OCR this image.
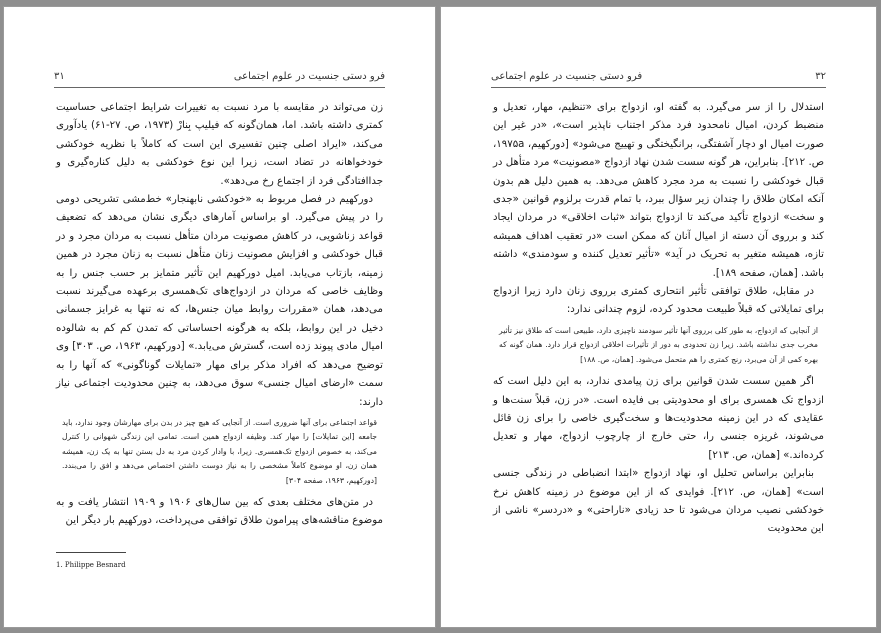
فرو دستی جنسیت در علوم اجتماعی
۳۱

زن می‌تواند در مقایسه با مرد نسبت به تغییرات شرایط اجتماعی حساسیت کمتری داشته باشد. اما، همان‌گونه که فیلیپ بِنارْ (۱۹۷۳، ص. ۲۷-۶۱) یادآوری می‌کند، «ایراد اصلی چنین تفسیری این است که کاملاً با نظریه خودکشی خودخواهانه در تضاد است، زیرا این نوع خودکشی به دلیل کناره‌گیری و جداافتادگی فرد از اجتماع رخ می‌دهد».

دورکهیم در فصل مربوط به «خودکشی نابهنجار» خط‌مشی تشریحی دومی را در پیش می‌گیرد. او براساس آمارهای دیگری نشان می‌دهد که تضعیف قواعد زناشویی، در کاهش مصونیت مردان متأهل نسبت به مردان مجرد و در قبال خودکشی و افزایش مصونیت زنان متأهل نسبت به زنان مجرد در همین زمینه، بازتاب می‌یابد. امیل دورکهیم این تأثیر متمایز بر حسب جنس را به وظایف خاصی که مردان در ازدواج‌های تک‌همسری برعهده می‌گیرند نسبت می‌دهد، همان «مقررات روابط میان جنس‌ها، که نه تنها به غرایز جسمانی دخیل در این روابط، بلکه به هرگونه احساساتی که تمدن کم کم به شالوده امیال مادی پیوند زده است، گسترش می‌یابد.» [دورکهیم، ۱۹۶۳، ص. ۳۰۳] وی توضیح می‌دهد که افراد مذکر برای مهار «تمایلات گوناگونی» که آنها را به سمت «ارضای امیال جنسی» سوق می‌دهد، به چنین محدودیت اجتماعی نیاز دارند:

قواعد اجتماعی برای آنها ضروری است. از آنجایی که هیچ چیز در بدن برای مهارشان وجود ندارد، باید جامعه [این تمایلات] را مهار کند. وظیفه ازدواج همین است. تمامی این زندگی شهوانی را کنترل می‌کند، به خصوص ازدواج تک‌همسری. زیرا، با وادار کردن مرد به دل بستن تنها به یک زن، همیشه همان زن، او موضوع کاملاً مشخصی را به نیاز دوست داشتن اختصاص می‌دهد و افق را می‌بندد. [دورکهیم، ۱۹۶۳، صفحه ۳۰۴]

در متن‌های مختلف بعدی که بین سال‌های ۱۹۰۶ و ۱۹۰۹ انتشار یافت و به موضوع مناقشه‌های پیرامون طلاق توافقی می‌پرداخت، دورکهیم بار دیگر این

1. Philippe Besnard
۳۲
فرو دستی جنسیت در علوم اجتماعی

استدلال را از سر می‌گیرد. به گفته او، ازدواج برای «تنظیم، مهار، تعدیل و منضبط کردن، امیال نامحدود فرد مذکر اجتناب ناپذیر است»، «در غیر این صورت امیال او دچار آشفتگی، برانگیختگی و تهییج می‌شود» [دورکهیم، ۱۹۷۵a، ص. ۲۱۲]. بنابراین، هر گونه سست شدن نهاد ازدواج «مصونیت» مرد متأهل در قبال خودکشی را نسبت به مرد مجرد کاهش می‌دهد. به همین دلیل هم بدون آنکه امکان طلاق را چندان زیر سؤال ببرد، با تمام قدرت برلزوم قوانین «جدی و سخت» ازدواج تأکید می‌کند تا ازدواج بتواند «ثبات اخلاقی» در مردان ایجاد کند و برروی آن دسته از امیال آنان که ممکن است «در تعقیب اهداف همیشه تازه، همیشه متغیر به تحریک در آید» «تأثیر تعدیل کننده و سودمندی» داشته باشد. [همان، صفحه ۱۸۹].

در مقابل، طلاق توافقی تأثیر انتحاری کمتری برروی زنان دارد زیرا ازدواج برای تمایلاتی که قبلاً طبیعت محدود کرده، لزوم چندانی ندارد:

از آنجایی که ازدواج، به طور کلی برروی آنها تأثیر سودمند ناچیزی دارد، طبیعی است که طلاق نیز تأثیر مخرب جدی نداشته باشد. زیرا زن تحدودی به دور از تأثیرات اخلاقی ازدواج قرار دارد. همان گونه که بهره کمی از آن می‌برد، رنج کمتری را هم متحمل می‌شود. [همان، ص. ۱۸۸]

اگر همین سست شدن قوانین برای زن پیامدی ندارد، به این دلیل است که ازدواج تک همسری برای او محدودیتی بی فایده است. «در زن، قبلاً سنت‌ها و عقایدی که در این زمینه محدودیت‌ها و سخت‌گیری خاصی را برای زن قائل می‌شوند، غریزه جنسی را، حتی خارج از چارچوب ازدواج، مهار و تعدیل کرده‌اند.» [همان، ص. ۲۱۳]

بنابراین براساس تحلیل او، نهاد ازدواج «ابتدا انضباطی در زندگی جنسی است» [همان، ص. ۲۱۲]. فوایدی که از این موضوع در زمینه کاهش نرخ خودکشی نصیب مردان می‌شود تا حد زیادی «ناراحتی» و «دردسر» ناشی از این محدودیت
